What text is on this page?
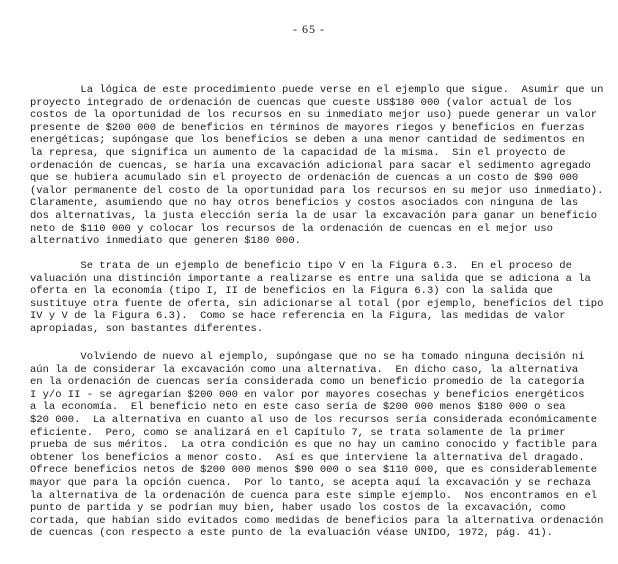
- 65 -
La lógica de este procedimiento puede verse en el ejemplo que sigue.  Asumir que un
proyecto integrado de ordenación de cuencas que cueste US$180 000 (valor actual de los
costos de la oportunidad de los recursos en su inmediato mejor uso) puede generar un valor
presente de $200 000 de beneficios en términos de mayores riegos y beneficios en fuerzas
energéticas; supóngase que los beneficios se deben a una menor cantidad de sedimentos en
la represa, que significa un aumento de la capacidad de la misma.  Sin el proyecto de
ordenación de cuencas, se haría una excavación adicional para sacar el sedimento agregado
que se hubiera acumulado sin el proyecto de ordenación de cuencas a un costo de $90 000
(valor permanente del costo de la oportunidad para los recursos en su mejor uso inmediato).
Claramente, asumiendo que no hay otros beneficios y costos asociados con ninguna de las
dos alternativas, la justa elección sería la de usar la excavación para ganar un beneficio
neto de $110 000 y colocar los recursos de la ordenación de cuencas en el mejor uso
alternativo inmediato que generen $180 000.
Se trata de un ejemplo de beneficio tipo V en la Figura 6.3.  En el proceso de
valuación una distinción importante a realizarse es entre una salida que se adiciona a la
oferta en la economía (tipo I, II de beneficios en la Figura 6.3) con la salida que
sustituye otra fuente de oferta, sin adicionarse al total (por ejemplo, beneficios del tipo
IV y V de la Figura 6.3).  Como se hace referencia en la Figura, las medidas de valor
apropiadas, son bastantes diferentes.
Volviendo de nuevo al ejemplo, supóngase que no se ha tomado ninguna decisión ni
aún la de considerar la excavación como una alternativa.  En dicho caso, la alternativa
en la ordenación de cuencas sería considerada como un beneficio promedio de la categoría
I y/o II - se agregarían $200 000 en valor por mayores cosechas y beneficios energéticos
a la economía.  El beneficio neto en este caso sería de $200 000 menos $180 000 o sea
$20 000.  La alternativa en cuanto al uso de los recursos sería considerada económicamente
eficiente.  Pero, como se analizará en el Capítulo 7, se trata solamente de la primer
prueba de sus méritos.  La otra condición es que no hay un camino conocido y factible para
obtener los beneficios a menor costo.  Así es que interviene la alternativa del dragado.
Ofrece beneficios netos de $200 000 menos $90 000 o sea $110 000, que es considerablemente
mayor que para la opción cuenca.  Por lo tanto, se acepta aquí la excavación y se rechaza
la alternativa de la ordenación de cuenca para este simple ejemplo.  Nos encontramos en el
punto de partida y se podrían muy bien, haber usado los costos de la excavación, como
cortada, que habían sido evitados como medidas de beneficios para la alternativa ordenación
de cuencas (con respecto a este punto de la evaluación véase UNIDO, 1972, pág. 41).
